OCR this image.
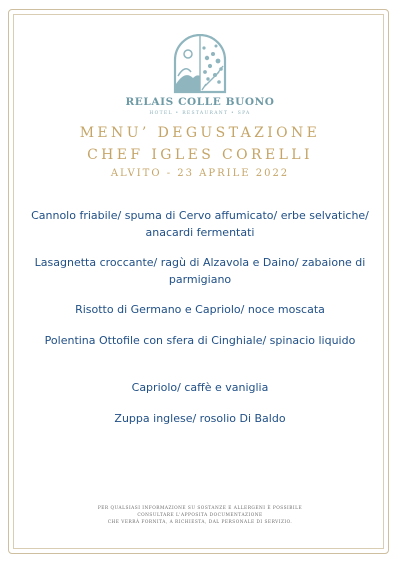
RELAIS COLLE BUONO
HOTEL • RESTAURANT • SPA
MENU’ DEGUSTAZIONE
CHEF IGLES CORELLI
ALVITO - 23 APRILE 2022
Cannolo friabile/ spuma di Cervo affumicato/ erbe selvatiche/ anacardi fermentati
Lasagnetta croccante/ ragù di Alzavola e Daino/ zabaione di parmigiano
Risotto di Germano e Capriolo/ noce moscata
Polentina Ottofile con sfera di Cinghiale/ spinacio liquido
Capriolo/ caffè e vaniglia
Zuppa inglese/ rosolio Di Baldo
PER QUALSIASI INFORMAZIONE SU SOSTANZE E ALLERGENI È POSSIBILE
CONSULTARE L'APPOSITA DOCUMENTAZIONE
CHE VERRÀ FORNITA, A RICHIESTA, DAL PERSONALE DI SERVIZIO.
